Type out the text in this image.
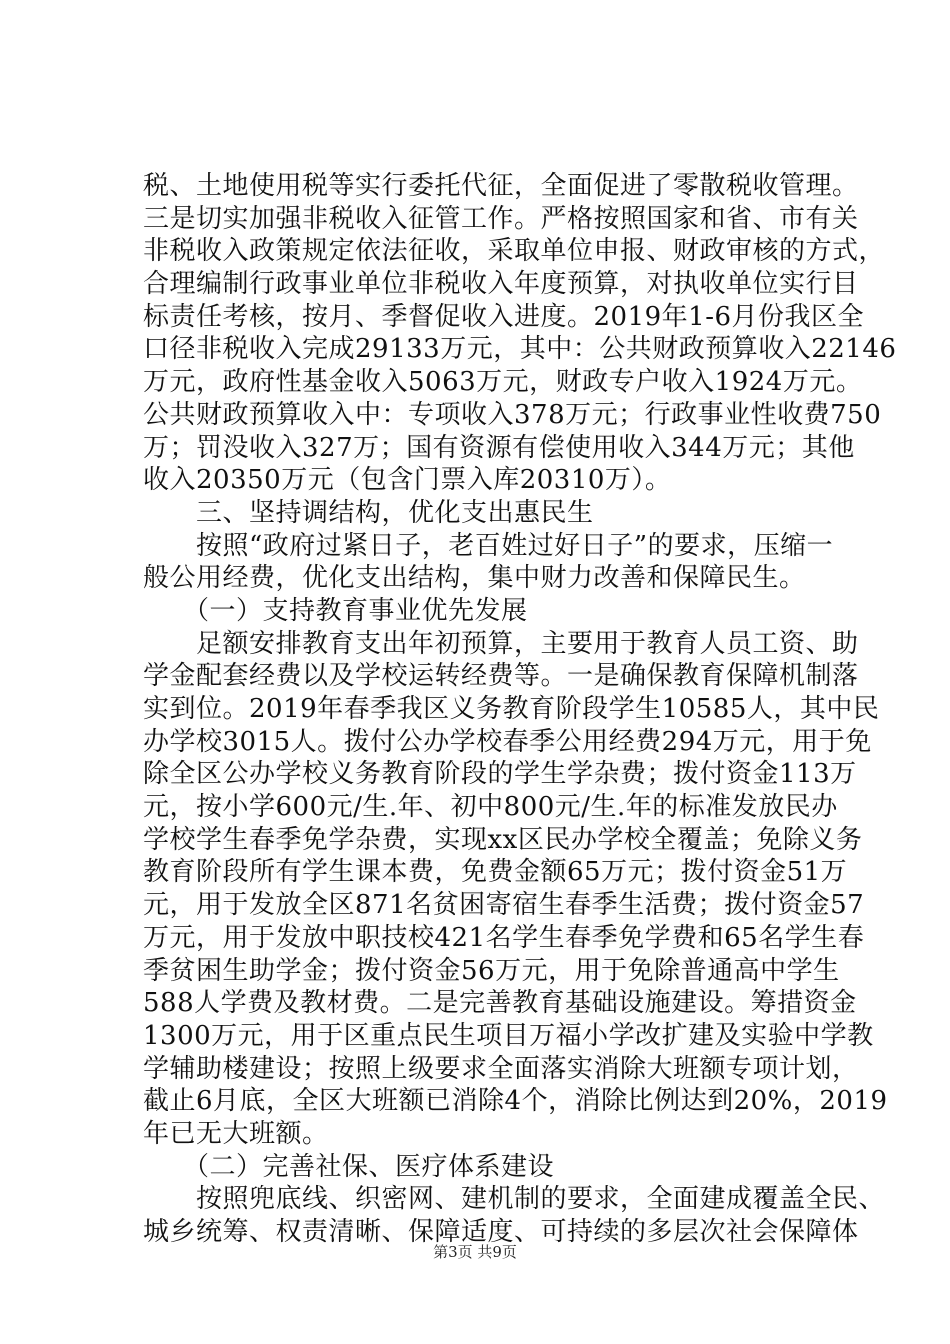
税、土地使用税等实行委托代征，全面促进了零散税收管理。
三是切实加强非税收入征管工作。严格按照国家和省、市有关
非税收入政策规定依法征收，采取单位申报、财政审核的方式，
合理编制行政事业单位非税收入年度预算，对执收单位实行目
标责任考核，按月、季督促收入进度。2019年1-6月份我区全
口径非税收入完成29133万元，其中：公共财政预算收入22146
万元，政府性基金收入5063万元，财政专户收入1924万元。
公共财政预算收入中：专项收入378万元；行政事业性收费750
万；罚没收入327万；国有资源有偿使用收入344万元；其他
收入20350万元（包含门票入库20310万）。
　　三、坚持调结构，优化支出惠民生
　　按照“政府过紧日子，老百姓过好日子”的要求，压缩一
般公用经费，优化支出结构，集中财力改善和保障民生。
　　（一）支持教育事业优先发展
　　足额安排教育支出年初预算，主要用于教育人员工资、助
学金配套经费以及学校运转经费等。一是确保教育保障机制落
实到位。2019年春季我区义务教育阶段学生10585人，其中民
办学校3015人。拨付公办学校春季公用经费294万元，用于免
除全区公办学校义务教育阶段的学生学杂费；拨付资金113万
元，按小学600元/生.年、初中800元/生.年的标准发放民办
学校学生春季免学杂费，实现xx区民办学校全覆盖；免除义务
教育阶段所有学生课本费，免费金额65万元；拨付资金51万
元，用于发放全区871名贫困寄宿生春季生活费；拨付资金57
万元，用于发放中职技校421名学生春季免学费和65名学生春
季贫困生助学金；拨付资金56万元，用于免除普通高中学生
588人学费及教材费。二是完善教育基础设施建设。筹措资金
1300万元，用于区重点民生项目万福小学改扩建及实验中学教
学辅助楼建设；按照上级要求全面落实消除大班额专项计划，
截止6月底，全区大班额已消除4个，消除比例达到20%，2019
年已无大班额。
　　（二）完善社保、医疗体系建设
　　按照兜底线、织密网、建机制的要求，全面建成覆盖全民、
城乡统筹、权责清晰、保障适度、可持续的多层次社会保障体
第3页 共9页
